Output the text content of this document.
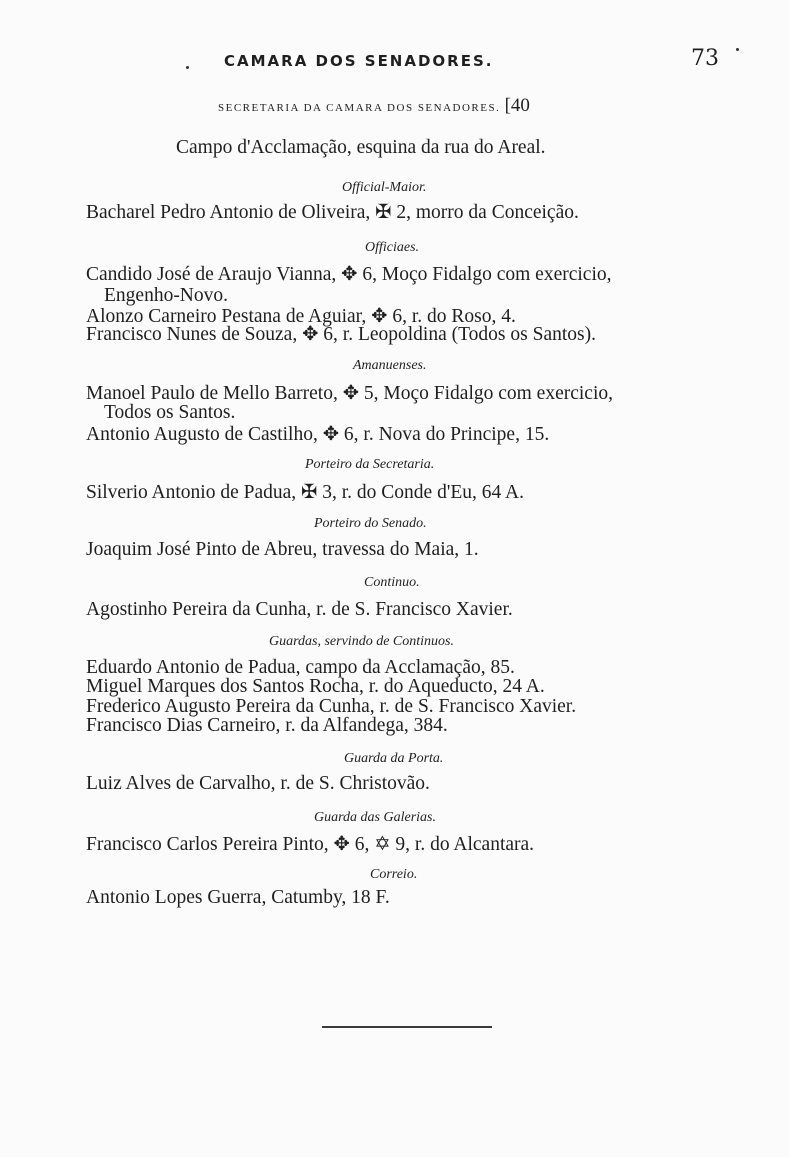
CAMARA DOS SENADORES.	73
SECRETARIA DA CAMARA DOS SENADORES. [40
Campo d'Acclamação, esquina da rua do Areal.
Official-Maior.
Bacharel Pedro Antonio de Oliveira, ✠ 2, morro da Conceição.
Officiaes.
Candido José de Araujo Vianna, ✥ 6, Moço Fidalgo com exercicio,
Engenho-Novo.
Alonzo Carneiro Pestana de Aguiar, ✥ 6, r. do Roso, 4.
Francisco Nunes de Souza, ✥ 6, r. Leopoldina (Todos os Santos).
Amanuenses.
Manoel Paulo de Mello Barreto, ✥ 5, Moço Fidalgo com exercicio,
Todos os Santos.
Antonio Augusto de Castilho, ✥ 6, r. Nova do Principe, 15.
Porteiro da Secretaria.
Silverio Antonio de Padua, ✠ 3, r. do Conde d'Eu, 64 A.
Porteiro do Senado.
Joaquim José Pinto de Abreu, travessa do Maia, 1.
Continuo.
Agostinho Pereira da Cunha, r. de S. Francisco Xavier.
Guardas, servindo de Continuos.
Eduardo Antonio de Padua, campo da Acclamação, 85.
Miguel Marques dos Santos Rocha, r. do Aqueducto, 24 A.
Frederico Augusto Pereira da Cunha, r. de S. Francisco Xavier.
Francisco Dias Carneiro, r. da Alfandega, 384.
Guarda da Porta.
Luiz Alves de Carvalho, r. de S. Christovão.
Guarda das Galerias.
Francisco Carlos Pereira Pinto, ✥ 6, ✡ 9, r. do Alcantara.
Correio.
Antonio Lopes Guerra, Catumby, 18 F.
